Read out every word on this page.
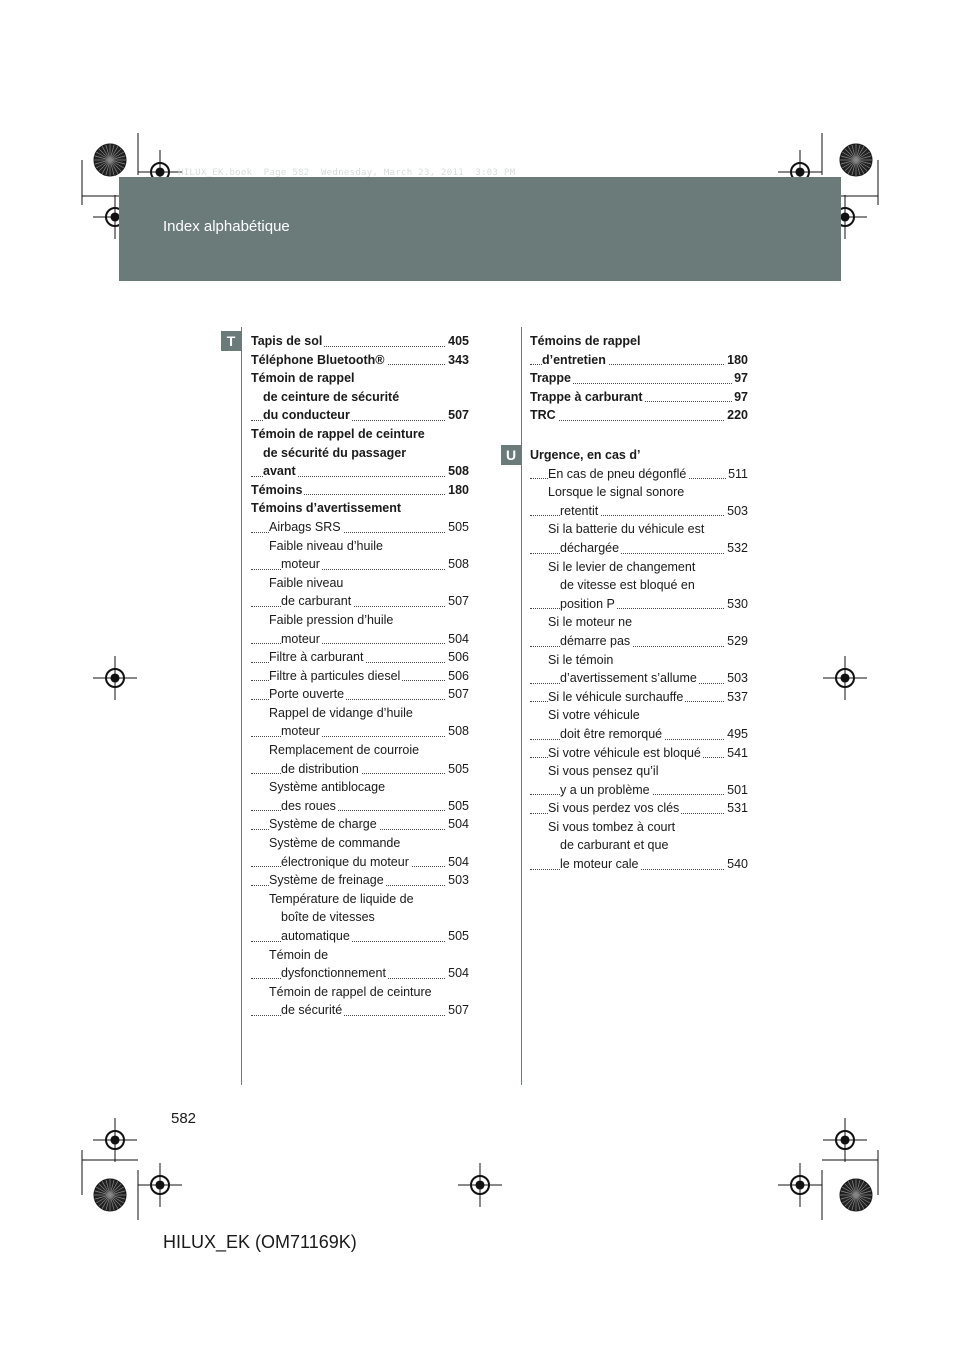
HILUX_EK.book  Page 582  Wednesday, March 23, 2011  3:03 PM
Index alphabétique
T
U
405
Tapis de sol
343
Téléphone Bluetooth®
Témoin de rappel
de ceinture de sécurité
507
du conducteur
Témoin de rappel de ceinture
de sécurité du passager
508
avant
180
Témoins
Témoins d’avertissement
505
Airbags SRS
Faible niveau d’huile
508
moteur
Faible niveau
507
de carburant
Faible pression d’huile
504
moteur
506
Filtre à carburant
506
Filtre à particules diesel
507
Porte ouverte
Rappel de vidange d’huile
508
moteur
Remplacement de courroie
505
de distribution
Système antiblocage
505
des roues
504
Système de charge
Système de commande
504
électronique du moteur
503
Système de freinage
Température de liquide de
boîte de vitesses
505
automatique
Témoin de
504
dysfonctionnement
Témoin de rappel de ceinture
507
de sécurité
Témoins de rappel
180
d’entretien
97
Trappe
97
Trappe à carburant
220
TRC
Urgence, en cas d’
511
En cas de pneu dégonflé
Lorsque le signal sonore
503
retentit
Si la batterie du véhicule est
532
déchargée
Si le levier de changement
de vitesse est bloqué en
530
position P
Si le moteur ne
529
démarre pas
Si le témoin
503
d’avertissement s’allume
537
Si le véhicule surchauffe
Si votre véhicule
495
doit être remorqué
541
Si votre véhicule est bloqué
Si vous pensez qu’il
501
y a un problème
531
Si vous perdez vos clés
Si vous tombez à court
de carburant et que
540
le moteur cale
582
HILUX_EK (OM71169K)
